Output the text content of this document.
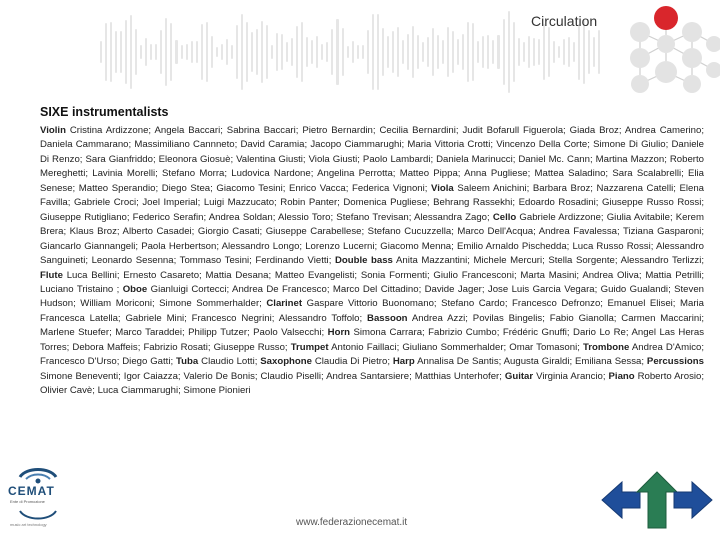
Circulation
SIXE instrumentalists
Violin Cristina Ardizzone; Angela Baccari; Sabrina Baccari; Pietro Bernardin; Cecilia Bernardini; Judit Bofarull Figuerola; Giada Broz; Andrea Camerino; Daniela Cammarano; Massimiliano Cannneto; David Caramia; Jacopo Ciammarughi; Maria Vittoria Crotti; Vincenzo Della Corte; Simone Di Giulio; Daniele Di Renzo; Sara Gianfriddo; Eleonora Giosuè; Valentina Giusti; Viola Giusti; Paolo Lambardi; Daniela Marinucci; Daniel Mc. Cann; Martina Mazzon; Roberto Mereghetti; Lavinia Morelli; Stefano Morra; Ludovica Nardone; Angelina Perrotta; Matteo Pippa; Anna Pugliese; Mattea Saladino; Sara Scalabrelli; Elia Senese; Matteo Sperandio; Diego Stea; Giacomo Tesini; Enrico Vacca; Federica Vignoni; Viola Saleem Anichini; Barbara Broz; Nazzarena Catelli; Elena Favilla; Gabriele Croci; Joel Imperial; Luigi Mazzucato; Robin Panter; Domenica Pugliese; Behrang Rassekhi; Edoardo Rosadini; Giuseppe Russo Rossi; Giuseppe Rutigliano; Federico Serafin; Andrea Soldan; Alessio Toro; Stefano Trevisan; Alessandra Zago; Cello Gabriele Ardizzone; Giulia Avitabile; Kerem Brera; Klaus Broz; Alberto Casadei; Giorgio Casati; Giuseppe Carabellese; Stefano Cucuzzella; Marco Dell'Acqua; Andrea Favalessa; Tiziana Gasparoni; Giancarlo Giannangeli; Paola Herbertson; Alessandro Longo; Lorenzo Lucerni; Giacomo Menna; Emilio Arnaldo Pischedda; Luca Russo Rossi; Alessandro Sanguineti; Leonardo Sesenna; Tommaso Tesini; Ferdinando Vietti; Double bass Anita Mazzantini; Michele Mercuri; Stella Sorgente; Alessandro Terlizzi; Flute Luca Bellini; Ernesto Casareto; Mattia Desana; Matteo Evangelisti; Sonia Formenti; Giulio Francesconi; Marta Masini; Andrea Oliva; Mattia Petrilli; Luciano Tristaino ; Oboe Gianluigi Cortecci; Andrea De Francesco; Marco Del Cittadino; Davide Jager; Jose Luis Garcia Vegara; Guido Gualandi; Steven Hudson; William Moriconi; Simone Sommerhalder; Clarinet Gaspare Vittorio Buonomano; Stefano Cardo; Francesco Defronzo; Emanuel Elisei; Maria Francesca Latella; Gabriele Mini; Francesco Negrini; Alessandro Toffolo; Bassoon Andrea Azzi; Povilas Bingelis; Fabio Gianolla; Carmen Maccarini; Marlene Stuefer; Marco Taraddei; Philipp Tutzer; Paolo Valsecchi; Horn Simona Carrara; Fabrizio Cumbo; Frédéric Gnuffi; Dario Lo Re; Angel Las Heras Torres; Debora Maffeis; Fabrizio Rosati; Giuseppe Russo; Trumpet Antonio Faillaci; Giuliano Sommerhalder; Omar Tomasoni; Trombone Andrea D'Amico; Francesco D'Urso; Diego Gatti; Tuba Claudio Lotti; Saxophone Claudia Di Pietro; Harp Annalisa De Santis; Augusta Giraldi; Emiliana Sessa; Percussions Simone Beneventi; Igor Caiazza; Valerio De Bonis; Claudio Piselli; Andrea Santarsiere; Matthias Unterhofer; Guitar Virginia Arancio; Piano Roberto Arosio; Olivier Cavè; Luca Ciammarughi; Simone Pionieri
CEMAT
Ente di Promozione
music art technology	www.federazionecemat.it
